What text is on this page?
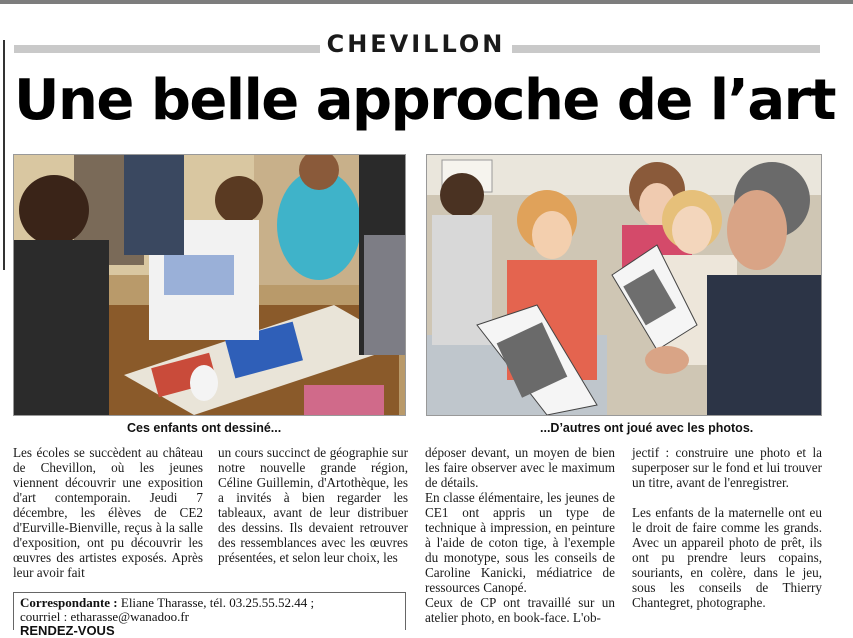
CHEVILLON
Une belle approche de l’art
Ces enfants ont dessiné...	...D’autres ont joué avec les photos.

Les écoles se succèdent au château de Chevillon, où les jeunes viennent découvrir une exposition d'art contemporain. Jeudi 7 décembre, les élèves de CE2 d'Eurville-Bienville, reçus à la salle d'exposition, ont pu découvrir les œuvres des artistes exposés. Après leur avoir fait

un cours succinct de géographie sur notre nouvelle grande région, Céline Guillemin, d'Artothèque, les a invités à bien regarder les tableaux, avant de leur distribuer des dessins. Ils devaient retrouver des ressemblances avec les œuvres présentées, et selon leur choix, les

déposer devant, un moyen de bien les faire observer avec le maximum de détails.

En classe élémentaire, les jeunes de CE1 ont appris un type de technique à impression, en peinture à l'aide de coton tige, à l'exemple du monotype, sous les conseils de Caroline Kanicki, médiatrice de ressources Canopé.

Ceux de CP ont travaillé sur un atelier photo, en book-face. L'ob-

jectif : construire une photo et la superposer sur le fond et lui trouver un titre, avant de l'enregistrer.

Les enfants de la maternelle ont eu le droit de faire comme les grands. Avec un appareil photo de prêt, ils ont pu prendre leurs copains, souriants, en colère, dans le jeu, sous les conseils de Thierry Chantegret, photographe.

Correspondante : Eliane Tharasse, tél. 03.25.55.52.44 ;
courriel : etharasse@wanadoo.fr
RENDEZ-VOUS
